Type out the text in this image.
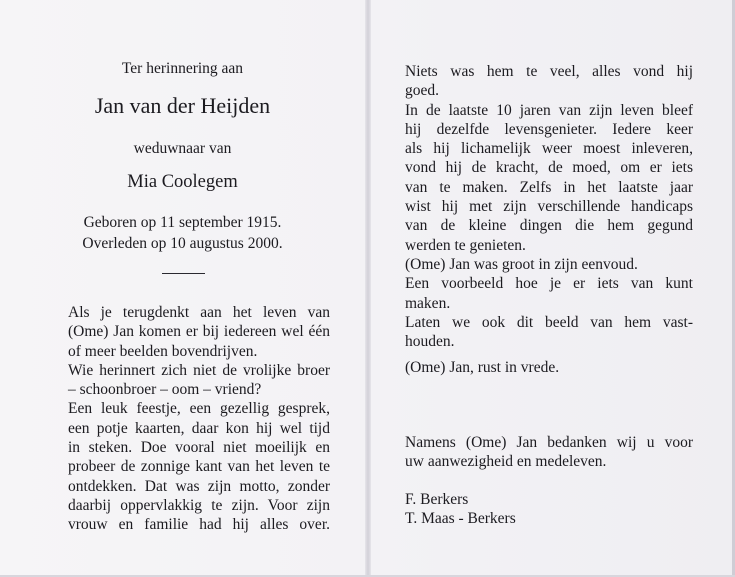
Ter herinnering aan
Jan van der Heijden
weduwnaar van
Mia Coolegem
Geboren op 11 september 1915.
Overleden op 10 augustus 2000.
Als je terugdenkt aan het leven van
(Ome) Jan komen er bij iedereen wel één
of meer beelden bovendrijven.
Wie herinnert zich niet de vrolijke broer
– schoonbroer – oom – vriend?
Een leuk feestje, een gezellig gesprek,
een potje kaarten, daar kon hij wel tijd
in steken. Doe vooral niet moeilijk en
probeer de zonnige kant van het leven te
ontdekken. Dat was zijn motto, zonder
daarbij oppervlakkig te zijn. Voor zijn
vrouw en familie had hij alles over.
Niets was hem te veel, alles vond hij
goed.
In de laatste 10 jaren van zijn leven bleef
hij dezelfde levensgenieter. Iedere keer
als hij lichamelijk weer moest inleveren,
vond hij de kracht, de moed, om er iets
van te maken. Zelfs in het laatste jaar
wist hij met zijn verschillende handicaps
van de kleine dingen die hem gegund
werden te genieten.
(Ome) Jan was groot in zijn eenvoud.
Een voorbeeld hoe je er iets van kunt
maken.
Laten we ook dit beeld van hem vast-
houden.
(Ome) Jan, rust in vrede.
Namens (Ome) Jan bedanken wij u voor
uw aanwezigheid en medeleven.
F. Berkers
T. Maas - Berkers
